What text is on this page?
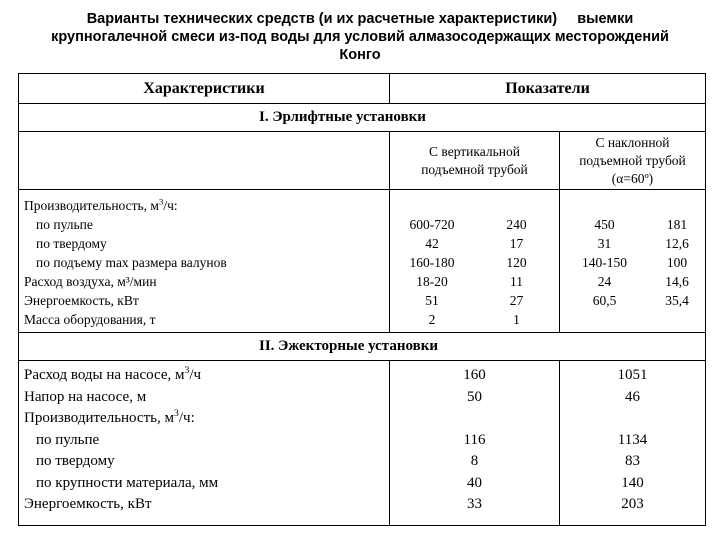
Варианты технических средств (и их расчетные характеристики)     выемки
крупногалечной смеси из-под воды для условий алмазосодержащих месторождений
Конго
Характеристики	Показатели
I. Эрлифтные установки
С вертикальной
подъемной трубой
С наклонной
подъемной трубой
(α=60º)
Производительность, $м^3/ч$:
по пульпе
по твердому
по подъему max размера валунов
Расход воздуха, м³/мин
Энергоемкость, кВт
Масса оборудования, т
600-720
42
160-180
18-20
51
2
240
17
120
11
27
1
450
31
140-150
24
60,5
181
12,6
100
14,6
35,4
II. Эжекторные установки
Расход воды на насосе, $м^3/ч$
Напор на насосе, м
Производительность, $м^3/ч$:
по пульпе
по твердому
по крупности материала, мм
Энергоемкость, кВт
160
50
116
8
40
33
1051
46
1134
83
140
203
